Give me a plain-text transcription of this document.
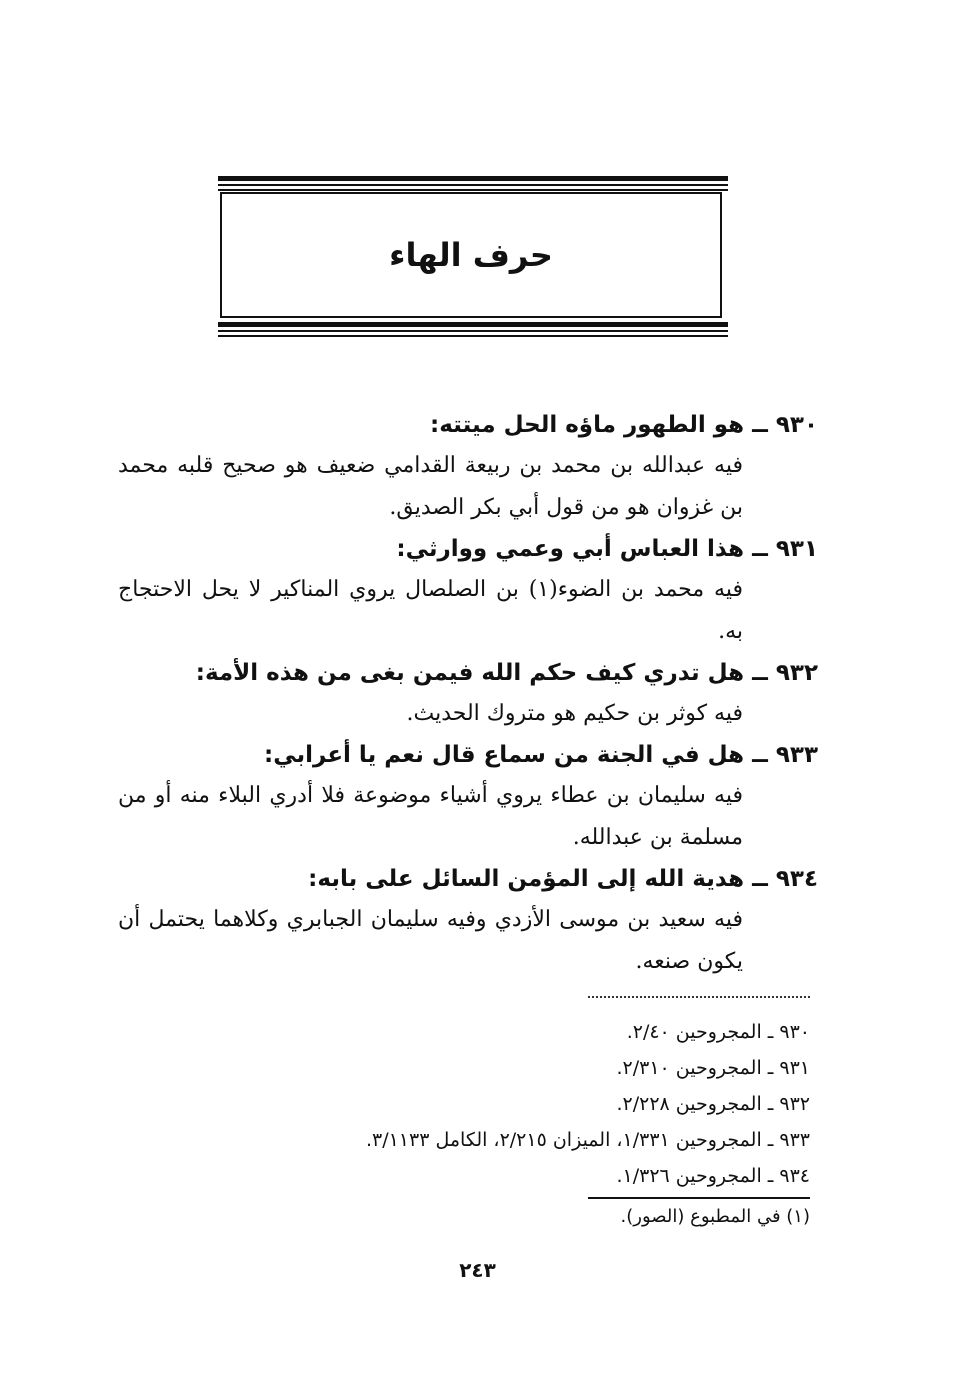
حرف الهاء
٩٣٠ ــ هو الطهور ماؤه الحل ميتته:

فيه عبدالله بن محمد بن ربيعة القدامي ضعيف هو صحيح قلبه محمد بن غزوان هو من قول أبي بكر الصديق.

٩٣١ ــ هذا العباس أبي وعمي ووارثي:

فيه محمد بن الضوء(١) بن الصلصال يروي المناكير لا يحل الاحتجاج به.

٩٣٢ ــ هل تدري كيف حكم الله فيمن بغى من هذه الأمة:

فيه كوثر بن حكيم هو متروك الحديث.

٩٣٣ ــ هل في الجنة من سماع قال نعم يا أعرابي:

فيه سليمان بن عطاء يروي أشياء موضوعة فلا أدري البلاء منه أو من مسلمة بن عبدالله.

٩٣٤ ــ هدية الله إلى المؤمن السائل على بابه:

فيه سعيد بن موسى الأزدي وفيه سليمان الجبابري وكلاهما يحتمل أن يكون صنعه.

٩٣٠ ـ المجروحين ٢/٤٠.
٩٣١ ـ المجروحين ٢/٣١٠.
٩٣٢ ـ المجروحين ٢/٢٢٨.
٩٣٣ ـ المجروحين ١/٣٣١، الميزان ٢/٢١٥، الكامل ٣/١١٣٣.
٩٣٤ ـ المجروحين ١/٣٢٦.
(١) في المطبوع (الصور).
٢٤٣
